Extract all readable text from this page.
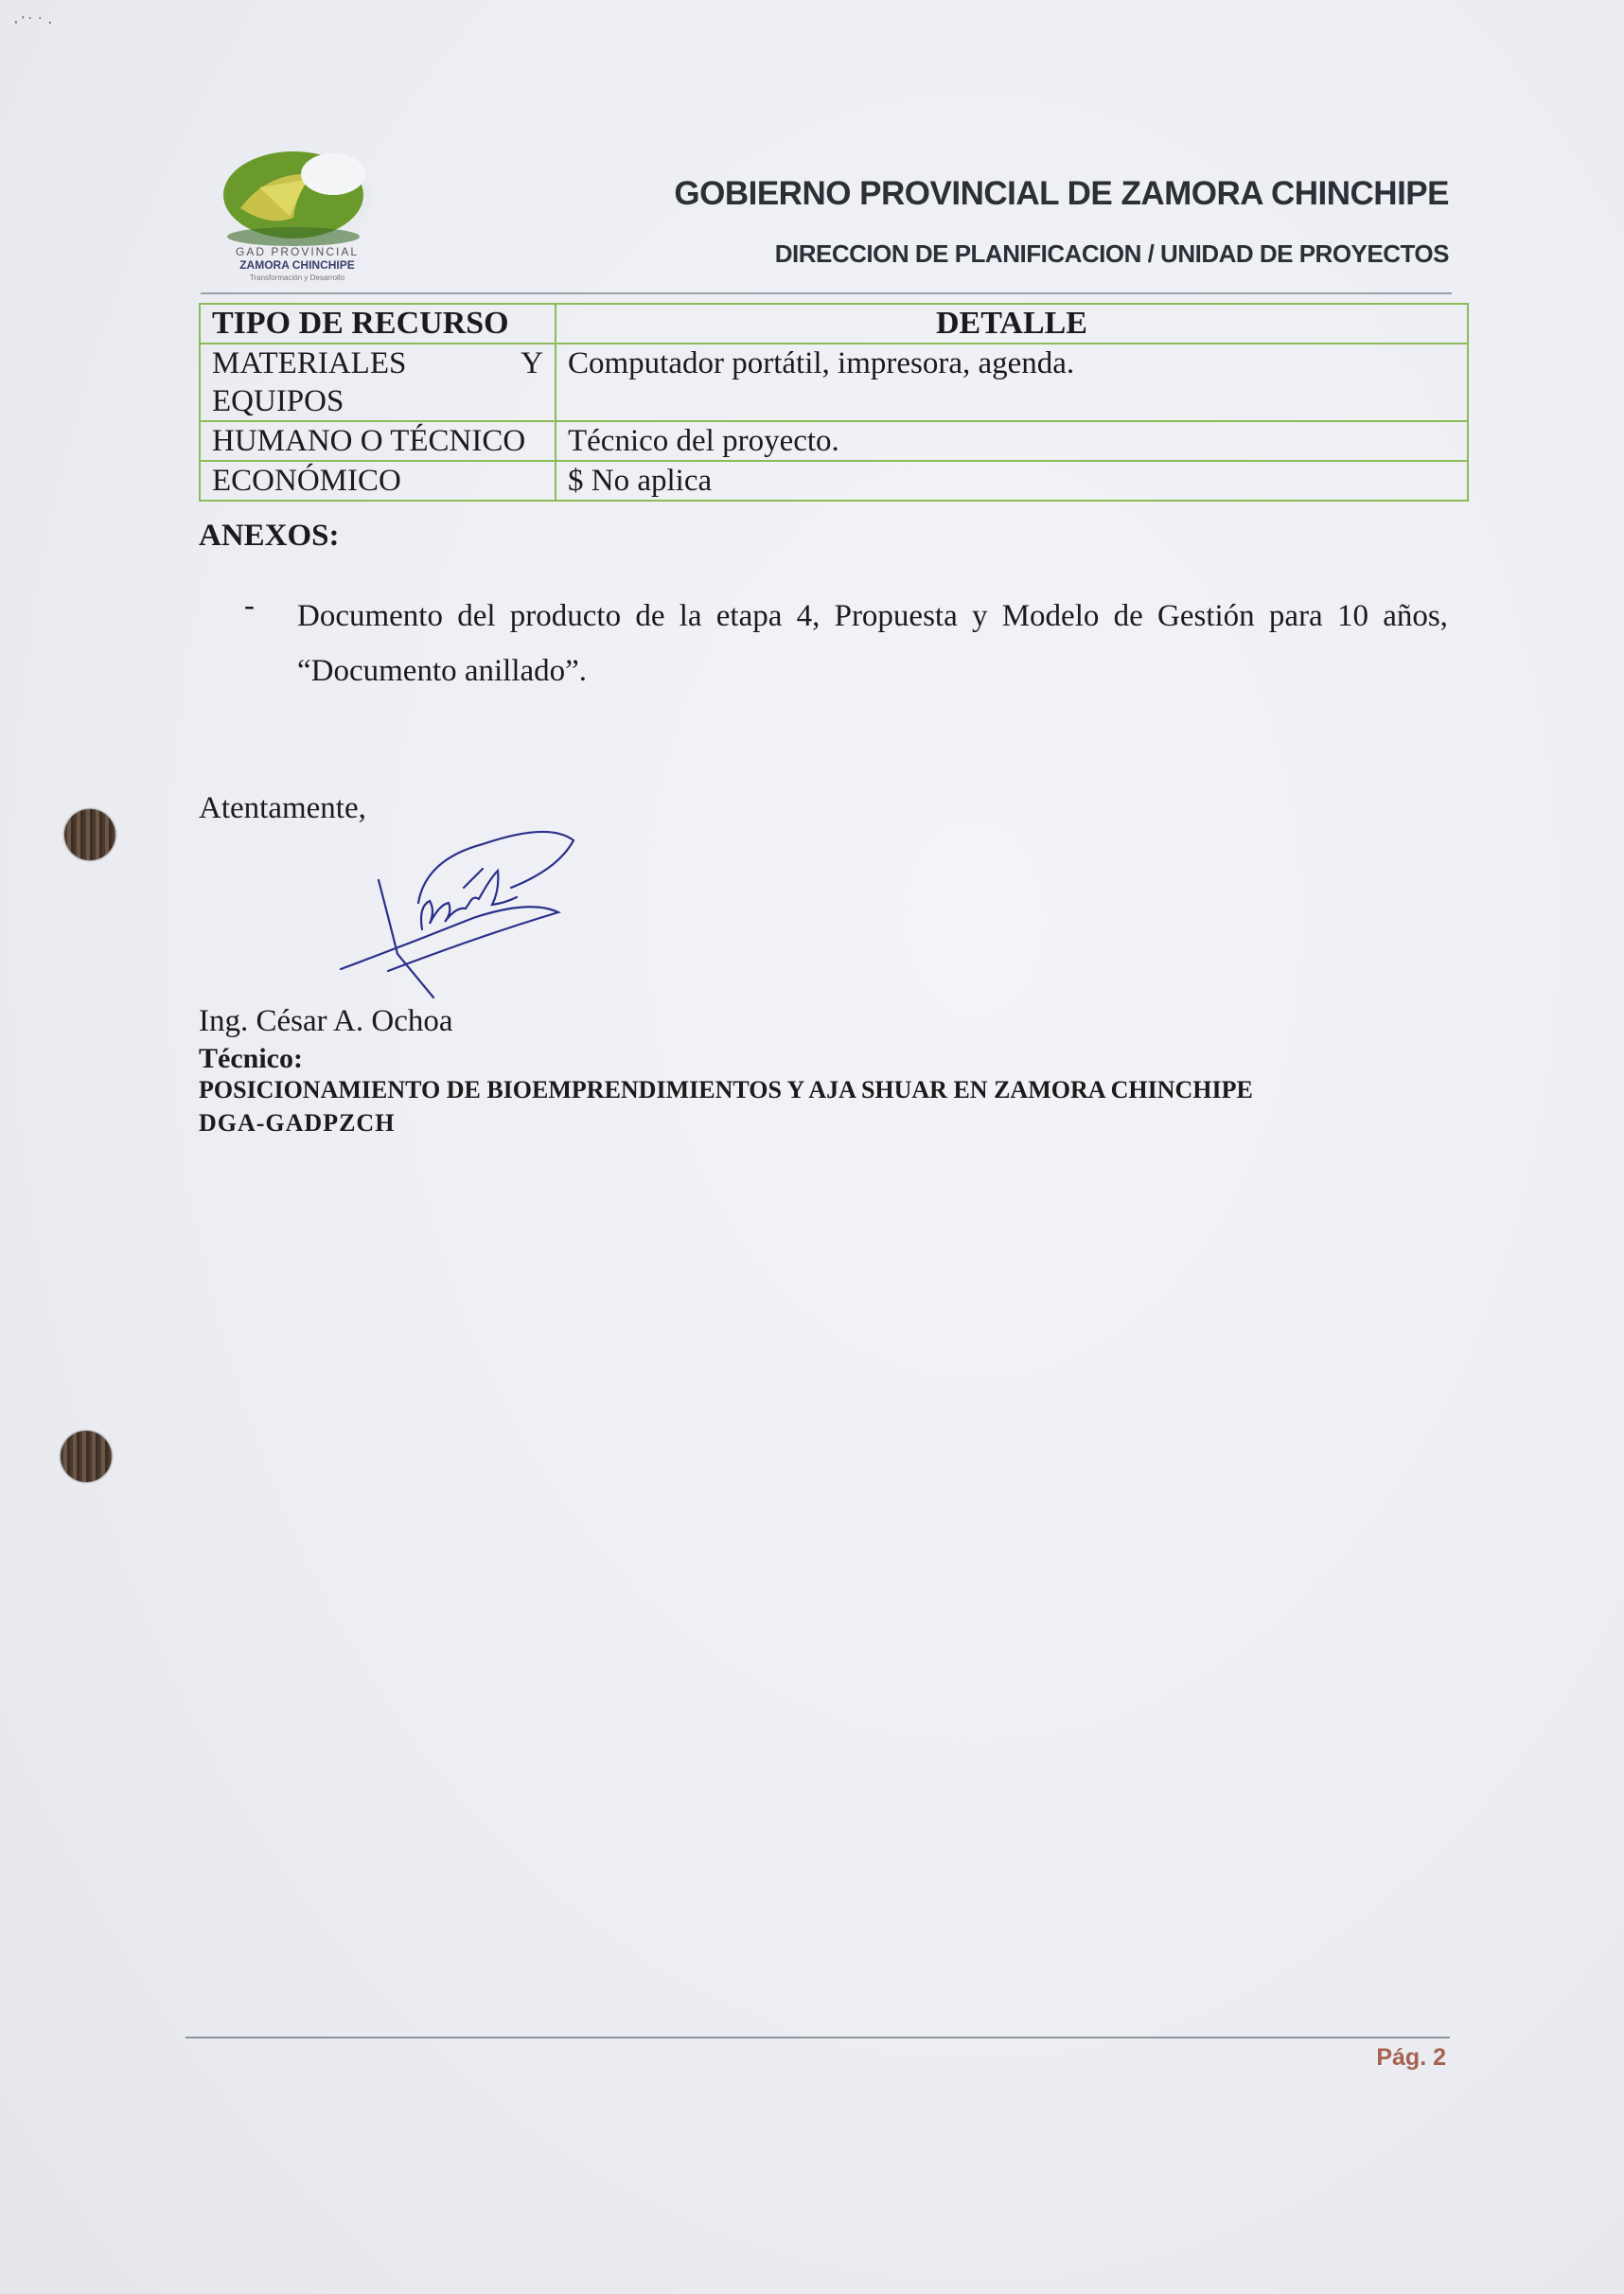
‧ ̓ ˙ ˙ ·
GAD PROVINCIAL
ZAMORA CHINCHIPE
Transformación y Desarrollo
GOBIERNO PROVINCIAL DE ZAMORA CHINCHIPE
DIRECCION DE PLANIFICACION / UNIDAD DE PROYECTOS
TIPO DE RECURSO	DETALLE

MATERIALES Y
EQUIPOS	Computador portátil, impresora, agenda.
HUMANO O TÉCNICO	Técnico del proyecto.
ECONÓMICO	$ No aplica
ANEXOS:
- Documento del producto de la etapa 4, Propuesta y Modelo de Gestión para 10 años,
“Documento anillado”.
Atentamente,
Ing. César A. Ochoa
Técnico:
POSICIONAMIENTO DE BIOEMPRENDIMIENTOS Y AJA SHUAR EN ZAMORA CHINCHIPE
DGA-GADPZCH
Pág. 2
